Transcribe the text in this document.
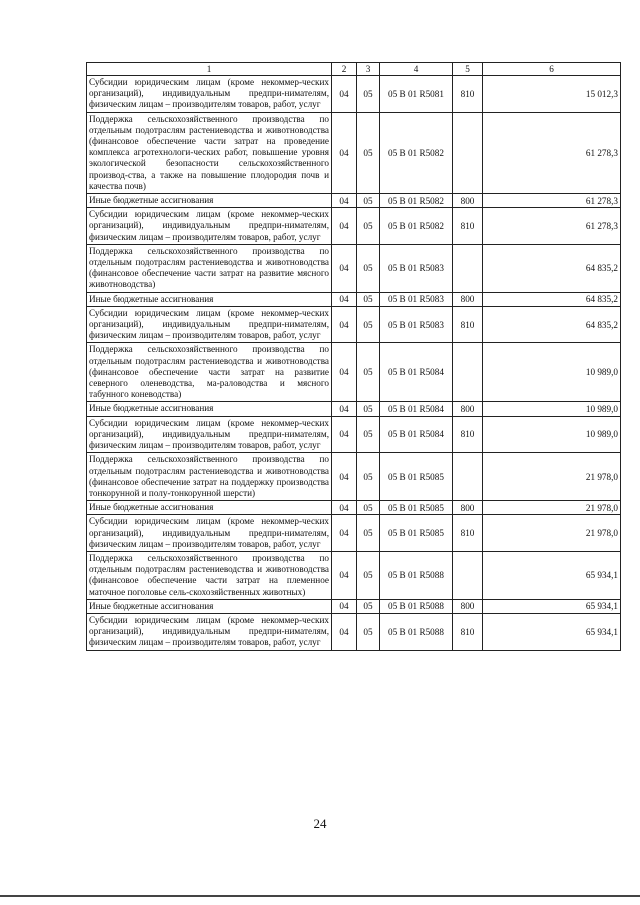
1	2	3	4	5	6
Субсидии юридическим лицам (кроме некоммер-ческих организаций), индивидуальным предпри-нимателям, физическим лицам – производителям товаров, работ, услуг	04	05	05 В 01 R5081	810	15 012,3
Поддержка сельскохозяйственного производства по отдельным подотраслям растениеводства и животноводства (финансовое обеспечение части затрат на проведение комплекса агротехнологи-ческих работ, повышение уровня экологической безопасности сельскохозяйственного производ-ства, а также на повышение плодородия почв и качества почв)	04	05	05 В 01 R5082		61 278,3
Иные бюджетные ассигнования	04	05	05 В 01 R5082	800	61 278,3
Субсидии юридическим лицам (кроме некоммер-ческих организаций), индивидуальным предпри-нимателям, физическим лицам – производителям товаров, работ, услуг	04	05	05 В 01 R5082	810	61 278,3
Поддержка сельскохозяйственного производства по отдельным подотраслям растениеводства и животноводства (финансовое обеспечение части затрат на развитие мясного животноводства)	04	05	05 В 01 R5083		64 835,2
Иные бюджетные ассигнования	04	05	05 В 01 R5083	800	64 835,2
Субсидии юридическим лицам (кроме некоммер-ческих организаций), индивидуальным предпри-нимателям, физическим лицам – производителям товаров, работ, услуг	04	05	05 В 01 R5083	810	64 835,2
Поддержка сельскохозяйственного производства по отдельным подотраслям растениеводства и животноводства (финансовое обеспечение части затрат на развитие северного оленеводства, ма-раловодства и мясного табунного коневодства)	04	05	05 В 01 R5084		10 989,0
Иные бюджетные ассигнования	04	05	05 В 01 R5084	800	10 989,0
Субсидии юридическим лицам (кроме некоммер-ческих организаций), индивидуальным предпри-нимателям, физическим лицам – производителям товаров, работ, услуг	04	05	05 В 01 R5084	810	10 989,0
Поддержка сельскохозяйственного производства по отдельным подотраслям растениеводства и животноводства (финансовое обеспечение затрат на поддержку производства тонкорунной и полу-тонкорунной шерсти)	04	05	05 В 01 R5085		21 978,0
Иные бюджетные ассигнования	04	05	05 В 01 R5085	800	21 978,0
Субсидии юридическим лицам (кроме некоммер-ческих организаций), индивидуальным предпри-нимателям, физическим лицам – производителям товаров, работ, услуг	04	05	05 В 01 R5085	810	21 978,0
Поддержка сельскохозяйственного производства по отдельным подотраслям растениеводства и животноводства (финансовое обеспечение части затрат на племенное маточное поголовье сель-скохозяйственных животных)	04	05	05 В 01 R5088		65 934,1
Иные бюджетные ассигнования	04	05	05 В 01 R5088	800	65 934,1
Субсидии юридическим лицам (кроме некоммер-ческих организаций), индивидуальным предпри-нимателям, физическим лицам – производителям товаров, работ, услуг	04	05	05 В 01 R5088	810	65 934,1
24
